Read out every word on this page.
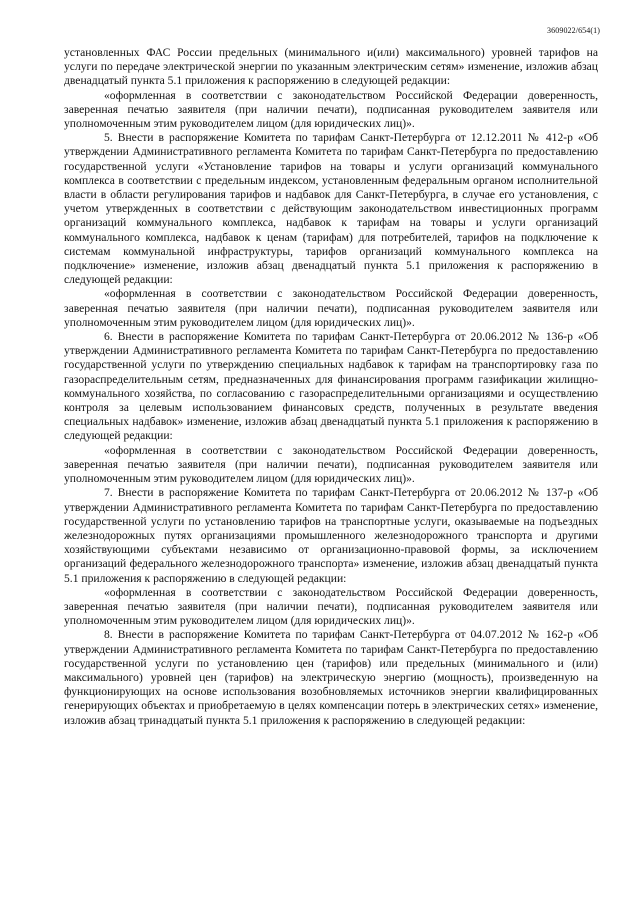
3609022/654(1)

установленных ФАС России предельных (минимального и(или) максимального) уровней тарифов на услуги по передаче электрической энергии по указанным электрическим сетям» изменение, изложив абзац двенадцатый пункта 5.1 приложения к распоряжению в следующей редакции:

«оформленная в соответствии с законодательством Российской Федерации доверенность, заверенная печатью заявителя (при наличии печати), подписанная руководителем заявителя или уполномоченным этим руководителем лицом (для юридических лиц)».

5. Внести в распоряжение Комитета по тарифам Санкт-Петербурга от 12.12.2011 № 412-р «Об утверждении Административного регламента Комитета по тарифам Санкт-Петербурга по предоставлению государственной услуги «Установление тарифов на товары и услуги организаций коммунального комплекса в соответствии с предельным индексом, установленным федеральным органом исполнительной власти в области регулирования тарифов и надбавок для Санкт-Петербурга, в случае его установления, с учетом утвержденных в соответствии с действующим законодательством инвестиционных программ организаций коммунального комплекса, надбавок к тарифам на товары и услуги организаций коммунального комплекса, надбавок к ценам (тарифам) для потребителей, тарифов на подключение к системам коммунальной инфраструктуры, тарифов организаций коммунального комплекса на подключение» изменение, изложив абзац двенадцатый пункта 5.1 приложения к распоряжению в следующей редакции:

«оформленная в соответствии с законодательством Российской Федерации доверенность, заверенная печатью заявителя (при наличии печати), подписанная руководителем заявителя или уполномоченным этим руководителем лицом (для юридических лиц)».

6. Внести в распоряжение Комитета по тарифам Санкт-Петербурга от 20.06.2012 № 136-р «Об утверждении Административного регламента Комитета по тарифам Санкт-Петербурга по предоставлению государственной услуги по утверждению специальных надбавок к тарифам на транспортировку газа по газораспределительным сетям, предназначенных для финансирования программ газификации жилищно-коммунального хозяйства, по согласованию с газораспределительными организациями и осуществлению контроля за целевым использованием финансовых средств, полученных в результате введения специальных надбавок» изменение, изложив абзац двенадцатый пункта 5.1 приложения к распоряжению в следующей редакции:

«оформленная в соответствии с законодательством Российской Федерации доверенность, заверенная печатью заявителя (при наличии печати), подписанная руководителем заявителя или уполномоченным этим руководителем лицом (для юридических лиц)».

7. Внести в распоряжение Комитета по тарифам Санкт-Петербурга от 20.06.2012 № 137-р «Об утверждении Административного регламента Комитета по тарифам Санкт-Петербурга по предоставлению государственной услуги по установлению тарифов на транспортные услуги, оказываемые на подъездных железнодорожных путях организациями промышленного железнодорожного транспорта и другими хозяйствующими субъектами независимо от организационно-правовой формы, за исключением организаций федерального железнодорожного транспорта» изменение, изложив абзац двенадцатый пункта 5.1 приложения к распоряжению в следующей редакции:

«оформленная в соответствии с законодательством Российской Федерации доверенность, заверенная печатью заявителя (при наличии печати), подписанная руководителем заявителя или уполномоченным этим руководителем лицом (для юридических лиц)».

8. Внести в распоряжение Комитета по тарифам Санкт-Петербурга от 04.07.2012 № 162-р «Об утверждении Административного регламента Комитета по тарифам Санкт-Петербурга по предоставлению государственной услуги по установлению цен (тарифов) или предельных (минимального и (или) максимального) уровней цен (тарифов) на электрическую энергию (мощность), произведенную на функционирующих на основе использования возобновляемых источников энергии квалифицированных генерирующих объектах и приобретаемую в целях компенсации потерь в электрических сетях» изменение, изложив абзац тринадцатый пункта 5.1 приложения к распоряжению в следующей редакции:
